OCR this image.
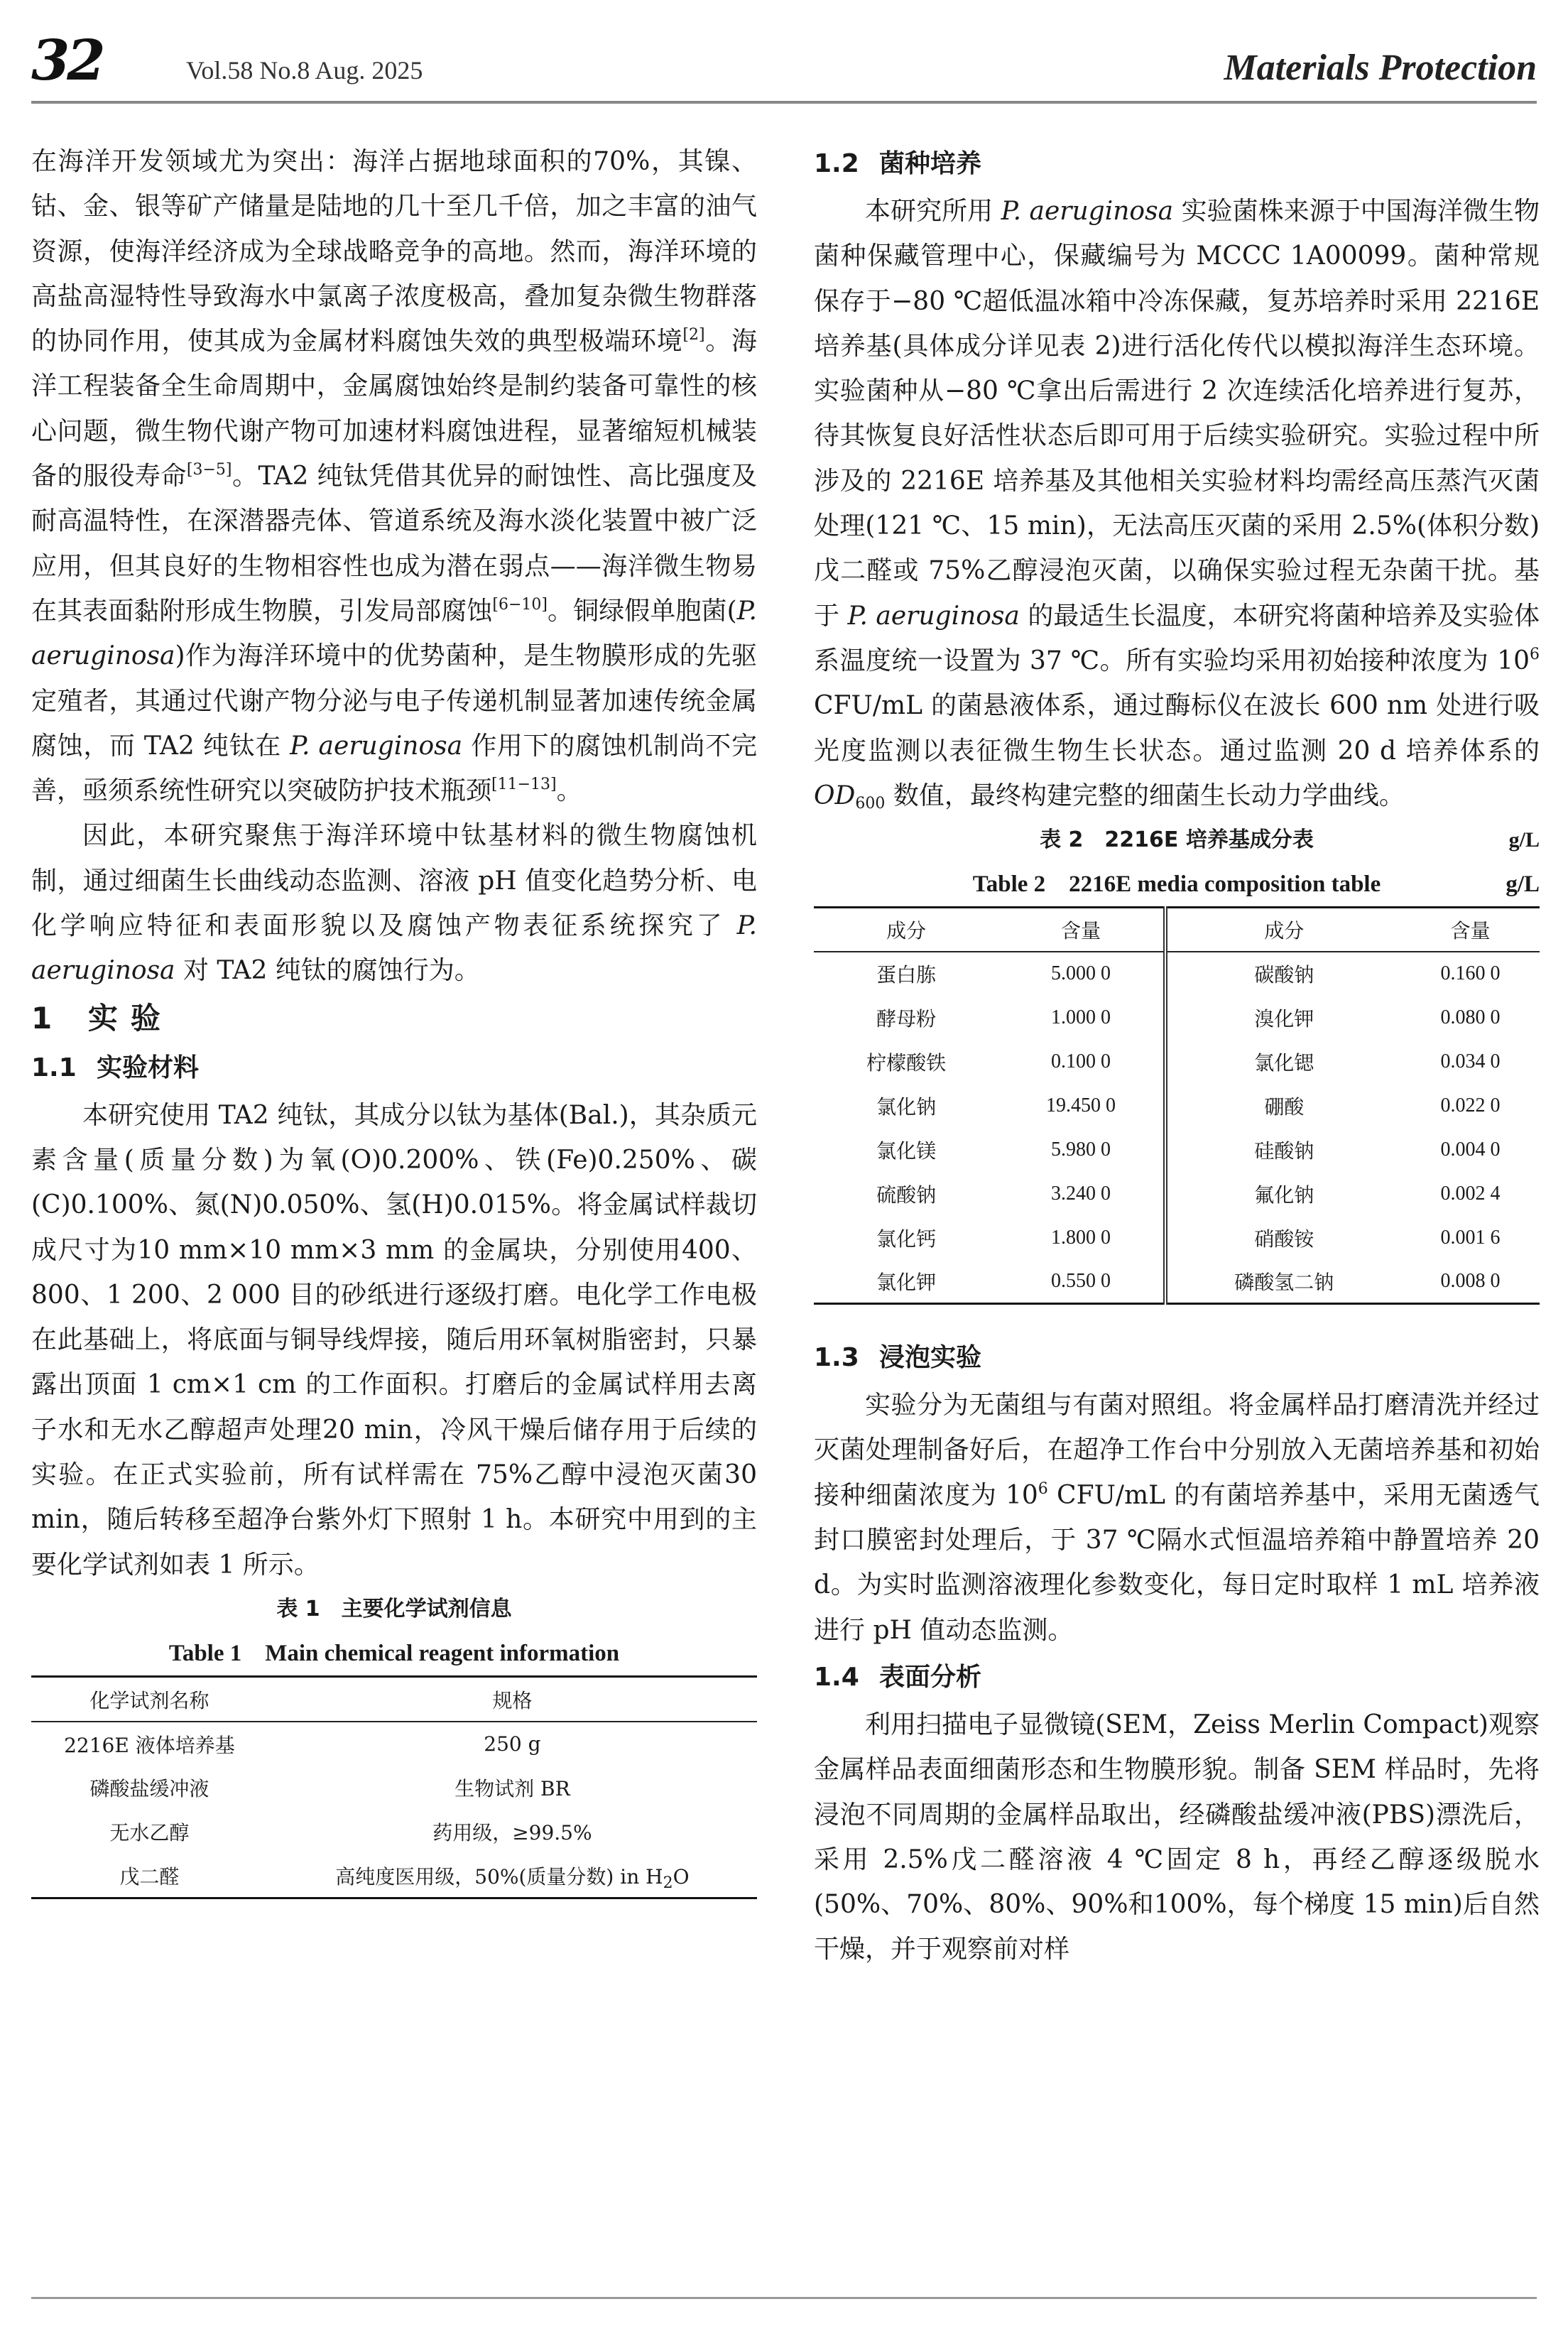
32	Vol.58 No.8 Aug. 2025	Materials Protection

在海洋开发领域尤为突出：海洋占据地球面积的70%，其镍、钴、金、银等矿产储量是陆地的几十至几千倍，加之丰富的油气资源，使海洋经济成为全球战略竞争的高地。然而，海洋环境的高盐高湿特性导致海水中氯离子浓度极高，叠加复杂微生物群落的协同作用，使其成为金属材料腐蚀失效的典型极端环境[2]。海洋工程装备全生命周期中，金属腐蚀始终是制约装备可靠性的核心问题，微生物代谢产物可加速材料腐蚀进程，显著缩短机械装备的服役寿命[3−5]。TA2 纯钛凭借其优异的耐蚀性、高比强度及耐高温特性，在深潜器壳体、管道系统及海水淡化装置中被广泛应用，但其良好的生物相容性也成为潜在弱点——海洋微生物易在其表面黏附形成生物膜，引发局部腐蚀[6−10]。铜绿假单胞菌(P. aeruginosa)作为海洋环境中的优势菌种，是生物膜形成的先驱定殖者，其通过代谢产物分泌与电子传递机制显著加速传统金属腐蚀，而 TA2 纯钛在 P. aeruginosa 作用下的腐蚀机制尚不完善，亟须系统性研究以突破防护技术瓶颈[11−13]。

因此，本研究聚焦于海洋环境中钛基材料的微生物腐蚀机制，通过细菌生长曲线动态监测、溶液 pH 值变化趋势分析、电化学响应特征和表面形貌以及腐蚀产物表征系统探究了 P. aeruginosa 对 TA2 纯钛的腐蚀行为。

1 实验
1.1 实验材料

本研究使用 TA2 纯钛，其成分以钛为基体(Bal.)，其杂质元素含量(质量分数)为氧(O)0.200%、铁(Fe)0.250%、碳(C)0.100%、氮(N)0.050%、氢(H)0.015%。将金属试样裁切成尺寸为10 mm×10 mm×3 mm 的金属块，分别使用400、800、1 200、2 000 目的砂纸进行逐级打磨。电化学工作电极在此基础上，将底面与铜导线焊接，随后用环氧树脂密封，只暴露出顶面 1 cm×1 cm 的工作面积。打磨后的金属试样用去离子水和无水乙醇超声处理20 min，冷风干燥后储存用于后续的实验。在正式实验前，所有试样需在 75%乙醇中浸泡灭菌30 min，随后转移至超净台紫外灯下照射 1 h。本研究中用到的主要化学试剂如表 1 所示。

表 1　主要化学试剂信息
Table 1　Main chemical reagent information
化学试剂名称	规格
2216E 液体培养基	250 g
磷酸盐缓冲液	生物试剂 BR
无水乙醇	药用级，≥99.5%
戊二醛	高纯度医用级，50%(质量分数) in $H_2O$
1.2 菌种培养

本研究所用 P. aeruginosa 实验菌株来源于中国海洋微生物菌种保藏管理中心，保藏编号为 MCCC 1A00099。菌种常规保存于−80 ℃超低温冰箱中冷冻保藏，复苏培养时采用 2216E 培养基(具体成分详见表 2)进行活化传代以模拟海洋生态环境。实验菌种从−80 ℃拿出后需进行 2 次连续活化培养进行复苏，待其恢复良好活性状态后即可用于后续实验研究。实验过程中所涉及的 2216E 培养基及其他相关实验材料均需经高压蒸汽灭菌处理(121 ℃、15 min)，无法高压灭菌的采用 2.5%(体积分数)戊二醛或 75%乙醇浸泡灭菌，以确保实验过程无杂菌干扰。基于 P. aeruginosa 的最适生长温度，本研究将菌种培养及实验体系温度统一设置为 37 ℃。所有实验均采用初始接种浓度为 $10^6$ CFU/mL 的菌悬液体系，通过酶标仪在波长 600 nm 处进行吸光度监测以表征微生物生长状态。通过监测 20 d 培养体系的 $OD_{600}$ 数值，最终构建完整的细菌生长动力学曲线。

表 2　2216E 培养基成分表	g/L
Table 2　2216E media composition table	g/L
成分	含量	成分	含量
蛋白胨	5.000 0	碳酸钠	0.160 0
酵母粉	1.000 0	溴化钾	0.080 0
柠檬酸铁	0.100 0	氯化锶	0.034 0
氯化钠	19.450 0	硼酸	0.022 0
氯化镁	5.980 0	硅酸钠	0.004 0
硫酸钠	3.240 0	氟化钠	0.002 4
氯化钙	1.800 0	硝酸铵	0.001 6
氯化钾	0.550 0	磷酸氢二钠	0.008 0
1.3 浸泡实验

实验分为无菌组与有菌对照组。将金属样品打磨清洗并经过灭菌处理制备好后，在超净工作台中分别放入无菌培养基和初始接种细菌浓度为 $10^6$ CFU/mL 的有菌培养基中，采用无菌透气封口膜密封处理后，于 37 ℃隔水式恒温培养箱中静置培养 20 d。为实时监测溶液理化参数变化，每日定时取样 1 mL 培养液进行 pH 值动态监测。

1.4 表面分析

利用扫描电子显微镜(SEM，Zeiss Merlin Compact)观察金属样品表面细菌形态和生物膜形貌。制备 SEM 样品时，先将浸泡不同周期的金属样品取出，经磷酸盐缓冲液(PBS)漂洗后，采用 2.5%戊二醛溶液 4 ℃固定 8 h，再经乙醇逐级脱水(50%、70%、80%、90%和100%，每个梯度 15 min)后自然干燥，并于观察前对样
